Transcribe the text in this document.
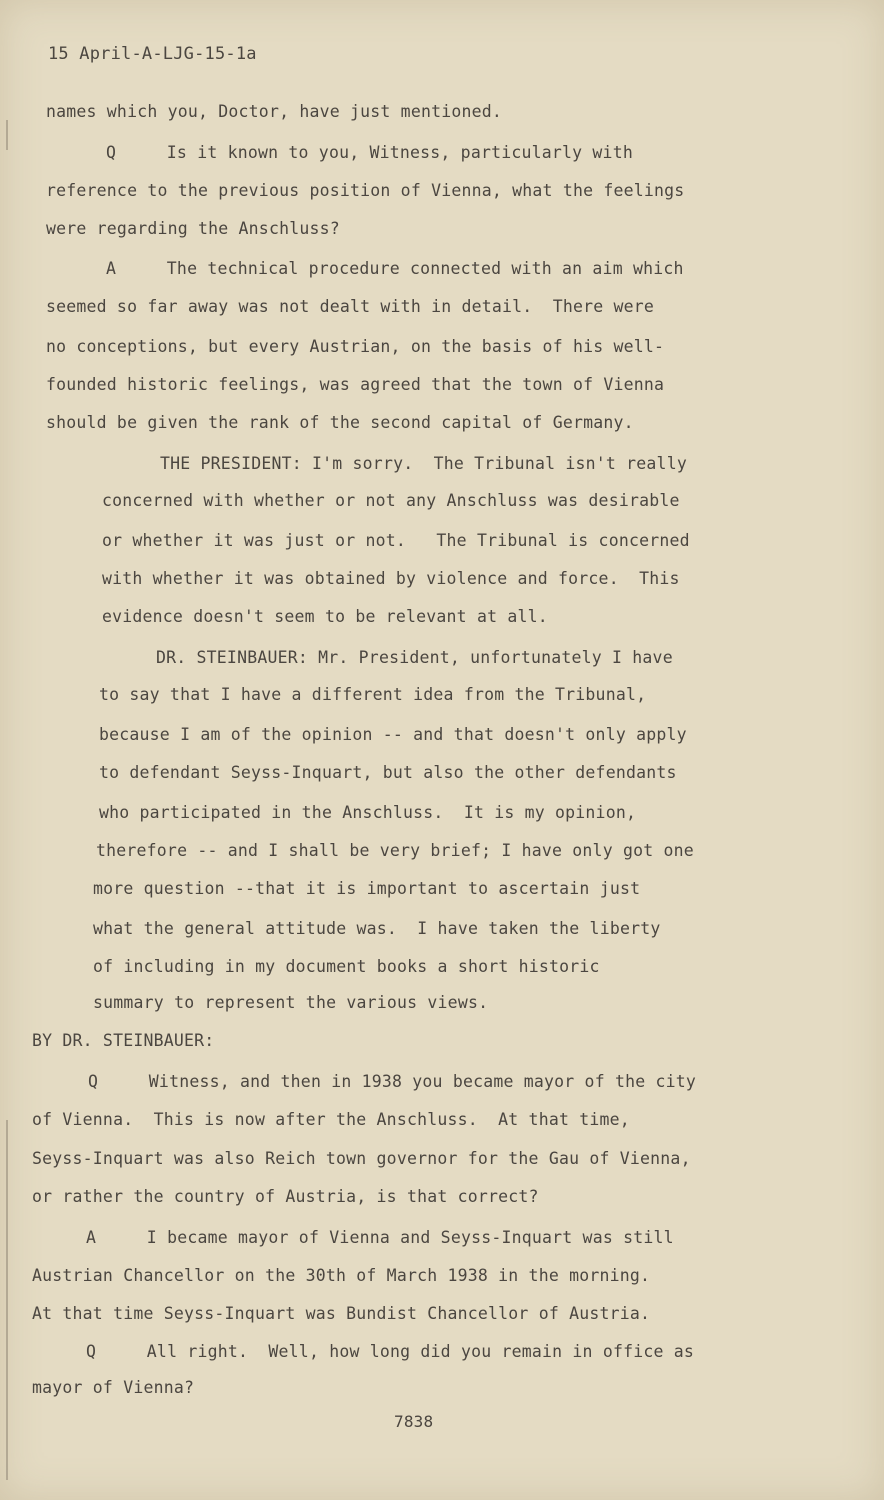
15 April-A-LJG-15-1a
names which you, Doctor, have just mentioned.
Q     Is it known to you, Witness, particularly with
reference to the previous position of Vienna, what the feelings
were regarding the Anschluss?
A     The technical procedure connected with an aim which
seemed so far away was not dealt with in detail.  There were
no conceptions, but every Austrian, on the basis of his well-
founded historic feelings, was agreed that the town of Vienna
should be given the rank of the second capital of Germany.
THE PRESIDENT: I'm sorry.  The Tribunal isn't really
concerned with whether or not any Anschluss was desirable
or whether it was just or not.   The Tribunal is concerned
with whether it was obtained by violence and force.  This
evidence doesn't seem to be relevant at all.
DR. STEINBAUER: Mr. President, unfortunately I have
to say that I have a different idea from the Tribunal,
because I am of the opinion -- and that doesn't only apply
to defendant Seyss-Inquart, but also the other defendants
who participated in the Anschluss.  It is my opinion,
therefore -- and I shall be very brief; I have only got one
more question --that it is important to ascertain just
what the general attitude was.  I have taken the liberty
of including in my document books a short historic
summary to represent the various views.
BY DR. STEINBAUER:
Q     Witness, and then in 1938 you became mayor of the city
of Vienna.  This is now after the Anschluss.  At that time,
Seyss-Inquart was also Reich town governor for the Gau of Vienna,
or rather the country of Austria, is that correct?
A     I became mayor of Vienna and Seyss-Inquart was still
Austrian Chancellor on the 30th of March 1938 in the morning.
At that time Seyss-Inquart was Bundist Chancellor of Austria.
Q     All right.  Well, how long did you remain in office as
mayor of Vienna?
7838
